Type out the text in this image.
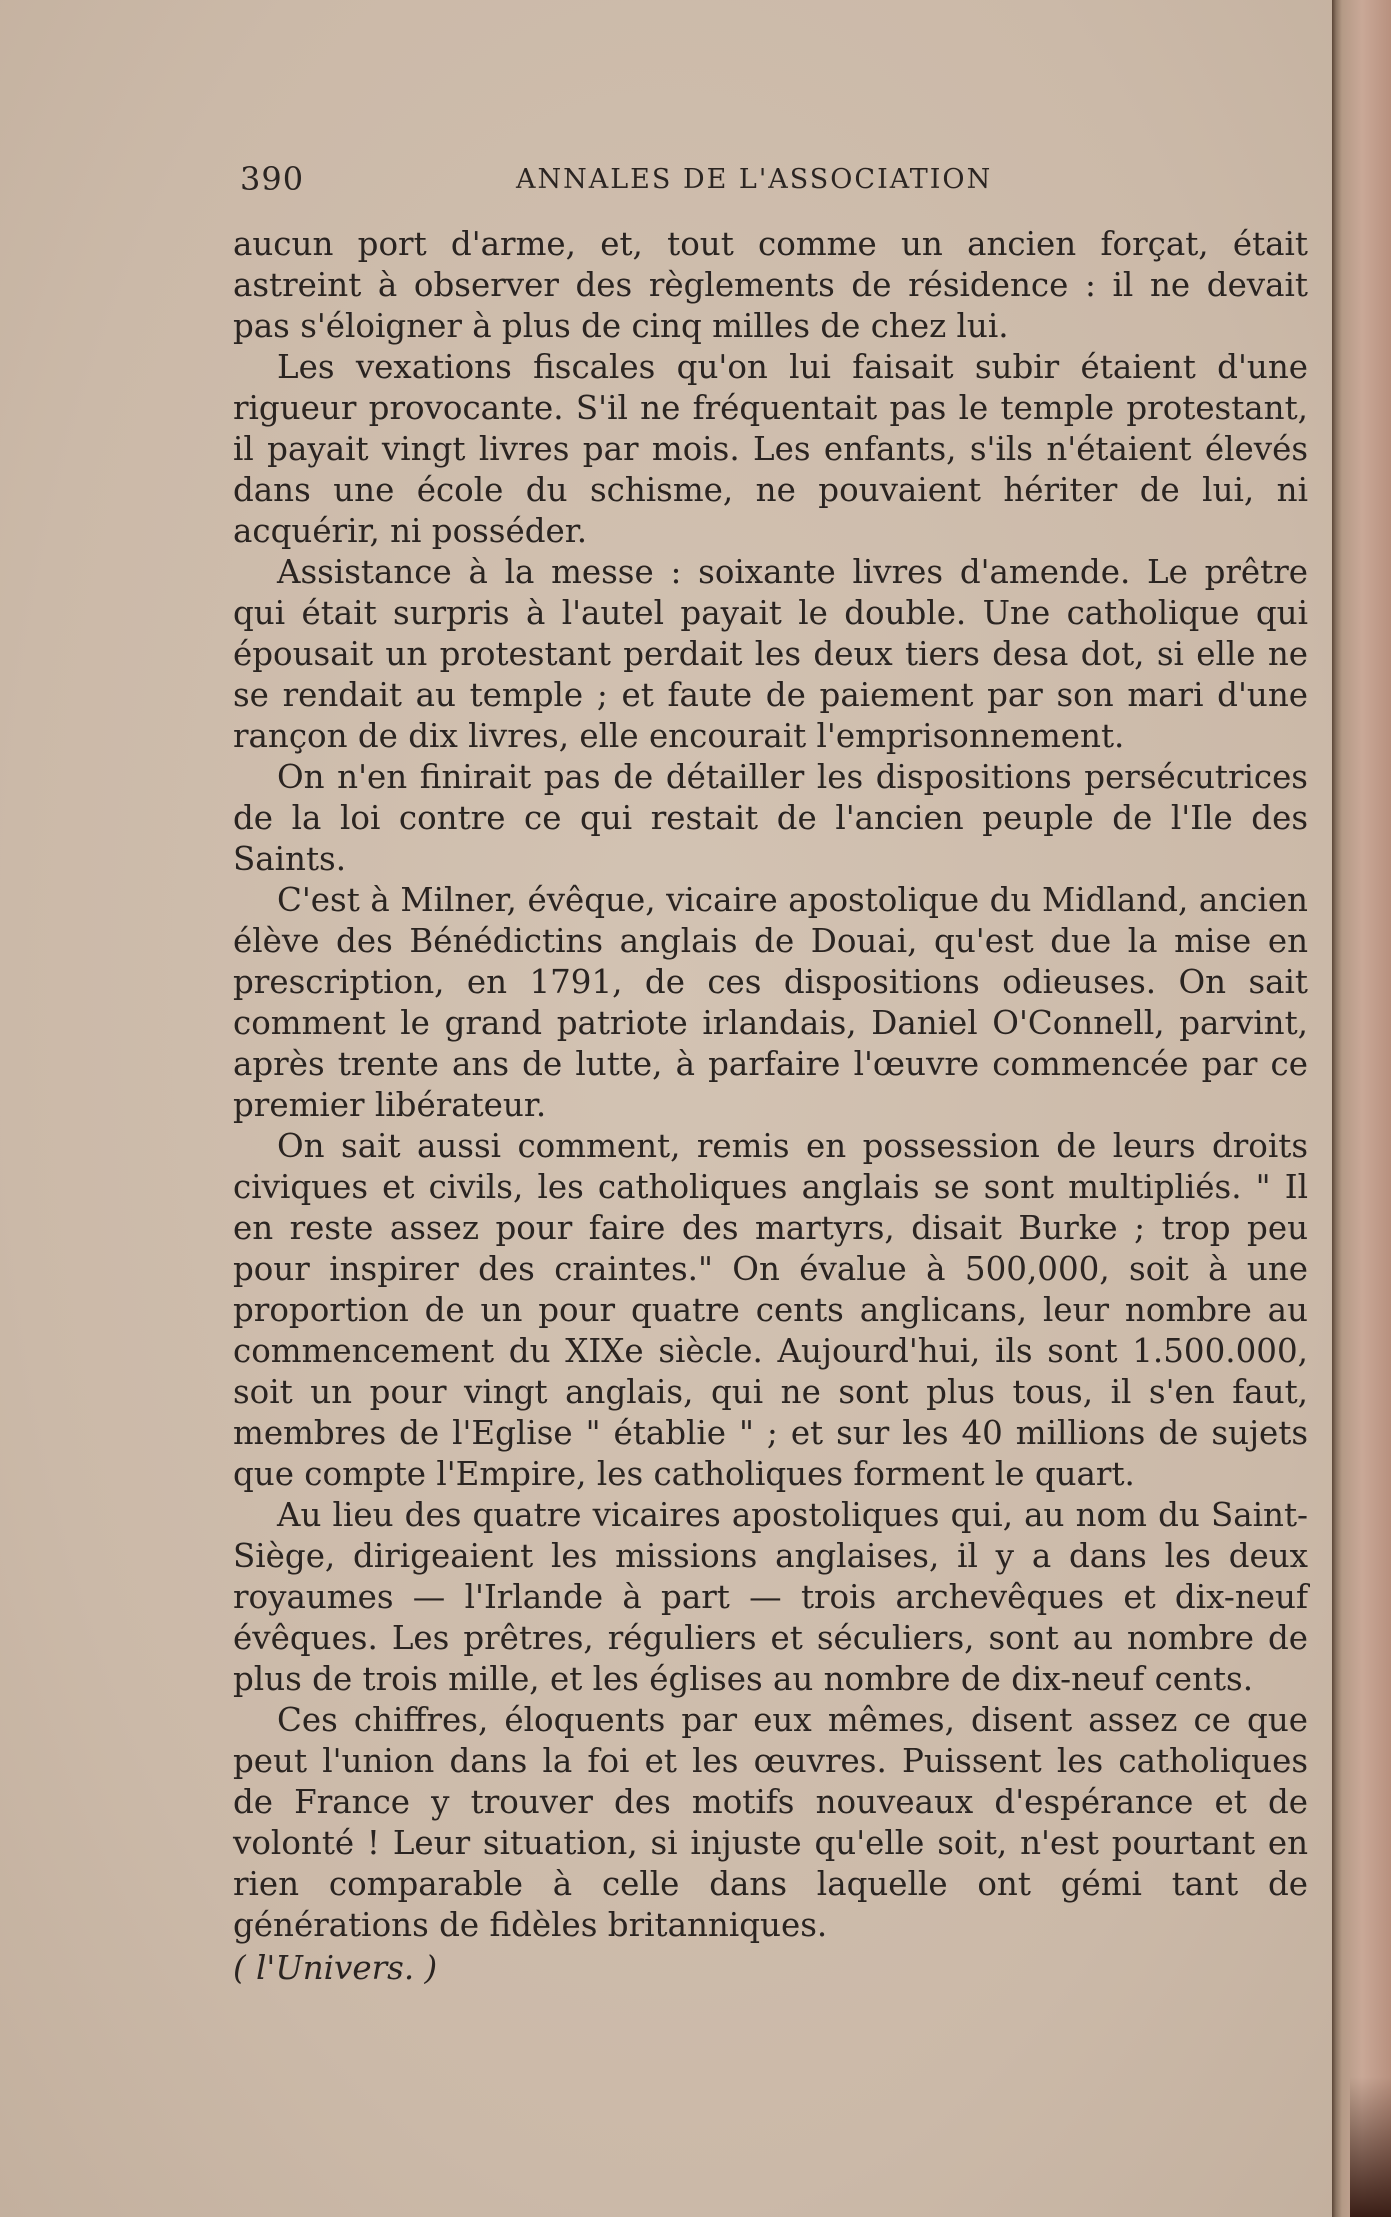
390	ANNALES DE L'ASSOCIATION

aucun port d'arme, et, tout comme un ancien forçat, était astreint à observer des règlements de résidence : il ne devait pas s'éloigner à plus de cinq milles de chez lui.

Les vexations fiscales qu'on lui faisait subir étaient d'une rigueur provocante. S'il ne fréquentait pas le temple protestant, il payait vingt livres par mois. Les enfants, s'ils n'étaient élevés dans une école du schisme, ne pouvaient hériter de lui, ni acquérir, ni posséder.

Assistance à la messe : soixante livres d'amende. Le prêtre qui était surpris à l'autel payait le double. Une catholique qui épousait un protestant perdait les deux tiers desa dot, si elle ne se rendait au temple ; et faute de paiement par son mari d'une rançon de dix livres, elle encourait l'emprisonnement.

On n'en finirait pas de détailler les dispositions persécutrices de la loi contre ce qui restait de l'ancien peuple de l'Ile des Saints.

C'est à Milner, évêque, vicaire apostolique du Midland, ancien élève des Bénédictins anglais de Douai, qu'est due la mise en prescription, en 1791, de ces dispositions odieuses. On sait comment le grand patriote irlandais, Daniel O'Connell, parvint, après trente ans de lutte, à parfaire l'œuvre commencée par ce premier libérateur.

On sait aussi comment, remis en possession de leurs droits civiques et civils, les catholiques anglais se sont multipliés. " Il en reste assez pour faire des martyrs, disait Burke ; trop peu pour inspirer des craintes." On évalue à 500,000, soit à une proportion de un pour quatre cents anglicans, leur nombre au commencement du XIXe siècle. Aujourd'hui, ils sont 1.500.000, soit un pour vingt anglais, qui ne sont plus tous, il s'en faut, membres de l'Eglise " établie " ; et sur les 40 millions de sujets que compte l'Empire, les catholiques forment le quart.

Au lieu des quatre vicaires apostoliques qui, au nom du Saint-Siège, dirigeaient les missions anglaises, il y a dans les deux royaumes — l'Irlande à part — trois archevêques et dix-neuf évêques. Les prêtres, réguliers et séculiers, sont au nombre de plus de trois mille, et les églises au nombre de dix-neuf cents.

Ces chiffres, éloquents par eux mêmes, disent assez ce que peut l'union dans la foi et les œuvres. Puissent les catholiques de France y trouver des motifs nouveaux d'espérance et de volonté ! Leur situation, si injuste qu'elle soit, n'est pourtant en rien comparable à celle dans laquelle ont gémi tant de générations de fidèles britanniques.

( l'Univers. )
